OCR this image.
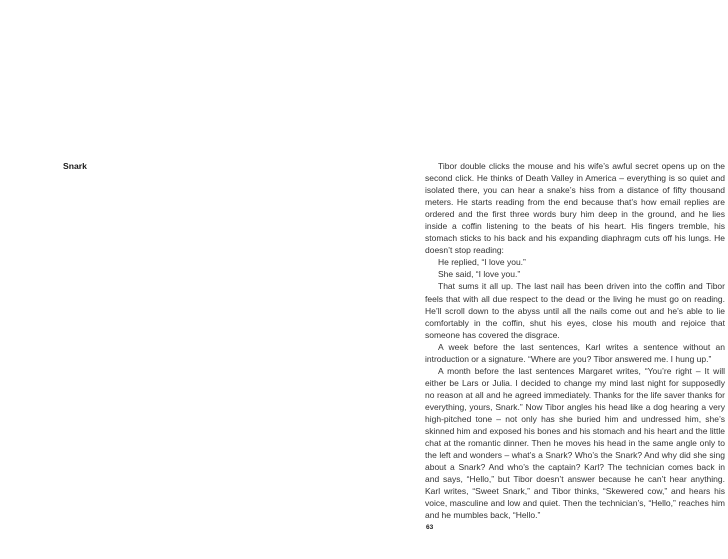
Snark	Tibor double clicks the mouse and his wife’s awful secret opens up on the second click. He thinks of Death Valley in America – everything is so quiet and isolated there, you can hear a snake’s hiss from a distance of fifty thousand meters. He starts reading from the end because that’s how email replies are ordered and the first three words bury him deep in the ground, and he lies inside a coffin listening to the beats of his heart. His fingers tremble, his stomach sticks to his back and his expanding diaphragm cuts off his lungs. He doesn’t stop reading:

He replied, “I love you.”

She said, “I love you.”

That sums it all up. The last nail has been driven into the coffin and Tibor feels that with all due respect to the dead or the living he must go on reading. He’ll scroll down to the abyss until all the nails come out and he’s able to lie comfortably in the coffin, shut his eyes, close his mouth and rejoice that someone has covered the disgrace.

A week before the last sentences, Karl writes a sentence without an introduction or a signature. “Where are you? Tibor answered me. I hung up.”

A month before the last sentences Margaret writes, “You’re right – It will either be Lars or Julia. I decided to change my mind last night for supposedly no reason at all and he agreed immediately. Thanks for the life saver thanks for everything, yours, Snark.” Now Tibor angles his head like a dog hearing a very high-pitched tone – not only has she buried him and undressed him, she’s skinned him and exposed his bones and his stomach and his heart and the little chat at the romantic dinner. Then he moves his head in the same angle only to the left and wonders – what’s a Snark? Who’s the Snark? And why did she sing about a Snark? And who’s the captain? Karl? The technician comes back in and says, “Hello,” but Tibor doesn’t answer because he can’t hear anything. Karl writes, “Sweet Snark,” and Tibor thinks, “Skewered cow,” and hears his voice, masculine and low and quiet. Then the technician’s, “Hello,” reaches him and he mumbles back, “Hello.”

63
